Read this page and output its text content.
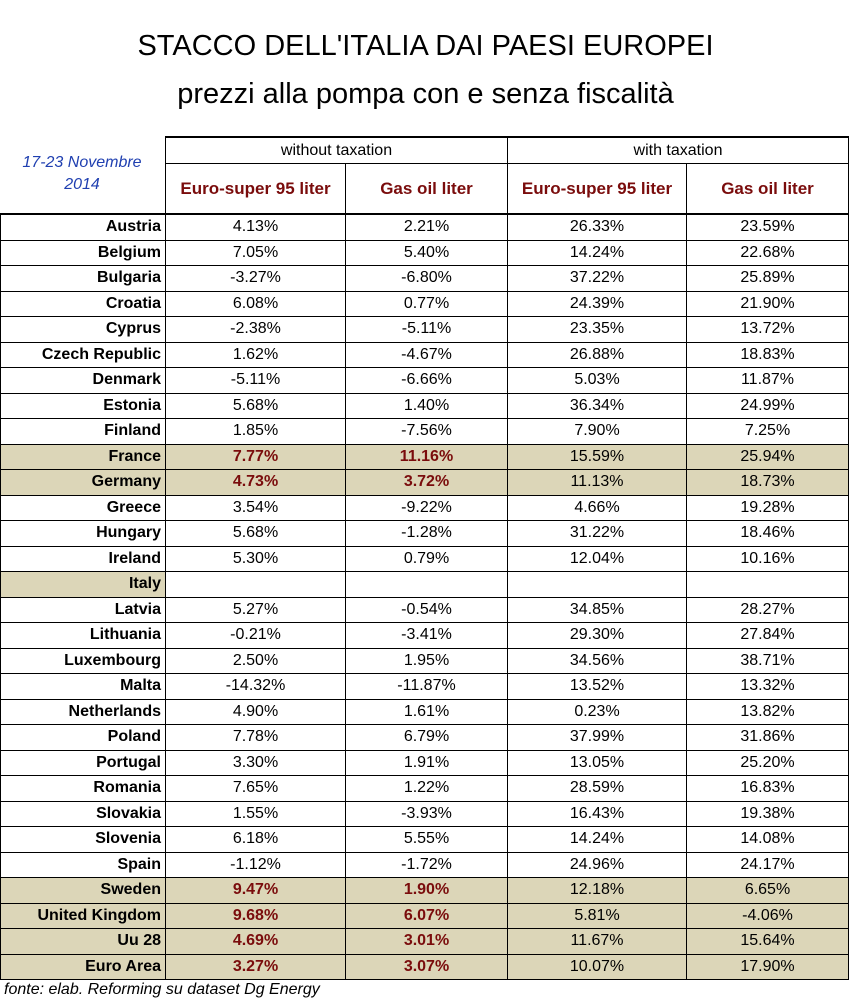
STACCO DELL'ITALIA DAI PAESI EUROPEI
prezzi alla pompa con e senza fiscalità
17-23 Novembre 2014
	without taxation		with taxation	
	Euro-super 95 liter	Gas oil liter	Euro-super 95 liter	Gas oil liter
Austria	4.13%	2.21%	26.33%	23.59%
Belgium	7.05%	5.40%	14.24%	22.68%
Bulgaria	-3.27%	-6.80%	37.22%	25.89%
Croatia	6.08%	0.77%	24.39%	21.90%
Cyprus	-2.38%	-5.11%	23.35%	13.72%
Czech Republic	1.62%	-4.67%	26.88%	18.83%
Denmark	-5.11%	-6.66%	5.03%	11.87%
Estonia	5.68%	1.40%	36.34%	24.99%
Finland	1.85%	-7.56%	7.90%	7.25%
France	7.77%	11.16%	15.59%	25.94%
Germany	4.73%	3.72%	11.13%	18.73%
Greece	3.54%	-9.22%	4.66%	19.28%
Hungary	5.68%	-1.28%	31.22%	18.46%
Ireland	5.30%	0.79%	12.04%	10.16%
Italy				
Latvia	5.27%	-0.54%	34.85%	28.27%
Lithuania	-0.21%	-3.41%	29.30%	27.84%
Luxembourg	2.50%	1.95%	34.56%	38.71%
Malta	-14.32%	-11.87%	13.52%	13.32%
Netherlands	4.90%	1.61%	0.23%	13.82%
Poland	7.78%	6.79%	37.99%	31.86%
Portugal	3.30%	1.91%	13.05%	25.20%
Romania	7.65%	1.22%	28.59%	16.83%
Slovakia	1.55%	-3.93%	16.43%	19.38%
Slovenia	6.18%	5.55%	14.24%	14.08%
Spain	-1.12%	-1.72%	24.96%	24.17%
Sweden	9.47%	1.90%	12.18%	6.65%
United Kingdom	9.68%	6.07%	5.81%	-4.06%
Uu 28	4.69%	3.01%	11.67%	15.64%
Euro Area	3.27%	3.07%	10.07%	17.90%
fonte: elab. Reforming su dataset Dg Energy
